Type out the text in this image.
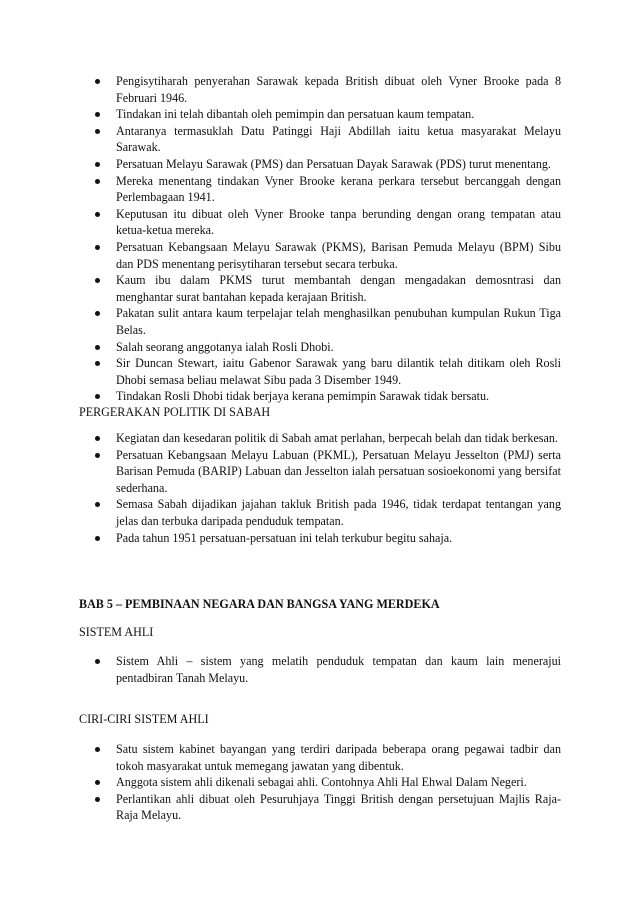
Pengisytiharah penyerahan Sarawak kepada British dibuat oleh Vyner Brooke pada 8 Februari 1946.
Tindakan ini telah dibantah oleh pemimpin dan persatuan kaum tempatan.
Antaranya termasuklah Datu Patinggi Haji Abdillah iaitu ketua masyarakat Melayu Sarawak.
Persatuan Melayu Sarawak (PMS) dan Persatuan Dayak Sarawak (PDS) turut menentang.
Mereka menentang tindakan Vyner Brooke kerana perkara tersebut bercanggah dengan Perlembagaan 1941.
Keputusan itu dibuat oleh Vyner Brooke tanpa berunding dengan orang tempatan atau ketua-ketua mereka.
Persatuan Kebangsaan Melayu Sarawak (PKMS), Barisan Pemuda Melayu (BPM) Sibu dan PDS menentang perisytiharan tersebut secara terbuka.
Kaum ibu dalam PKMS turut membantah dengan mengadakan demosntrasi dan menghantar surat bantahan kepada kerajaan British.
Pakatan sulit antara kaum terpelajar telah menghasilkan penubuhan kumpulan Rukun Tiga Belas.
Salah seorang anggotanya ialah Rosli Dhobi.
Sir Duncan Stewart, iaitu Gabenor Sarawak yang baru dilantik telah ditikam oleh Rosli Dhobi semasa beliau melawat Sibu pada 3 Disember 1949.
Tindakan Rosli Dhobi tidak berjaya kerana pemimpin Sarawak tidak bersatu.

PERGERAKAN POLITIK DI SABAH

Kegiatan dan kesedaran politik di Sabah amat perlahan, berpecah belah dan tidak berkesan.
Persatuan Kebangsaan Melayu Labuan (PKML), Persatuan Melayu Jesselton (PMJ) serta Barisan Pemuda (BARIP) Labuan dan Jesselton ialah persatuan sosioekonomi yang bersifat sederhana.
Semasa Sabah dijadikan jajahan takluk British pada 1946, tidak terdapat tentangan yang jelas dan terbuka daripada penduduk tempatan.
Pada tahun 1951 persatuan-persatuan ini telah terkubur begitu sahaja.

BAB 5 – PEMBINAAN NEGARA DAN BANGSA YANG MERDEKA

SISTEM AHLI

Sistem Ahli – sistem yang melatih penduduk tempatan dan kaum lain menerajui pentadbiran Tanah Melayu.

CIRI-CIRI SISTEM AHLI

Satu sistem kabinet bayangan yang terdiri daripada beberapa orang pegawai tadbir dan tokoh masyarakat untuk memegang jawatan yang dibentuk.
Anggota sistem ahli dikenali sebagai ahli. Contohnya Ahli Hal Ehwal Dalam Negeri.
Perlantikan ahli dibuat oleh Pesuruhjaya Tinggi British dengan persetujuan Majlis Raja-Raja Melayu.
